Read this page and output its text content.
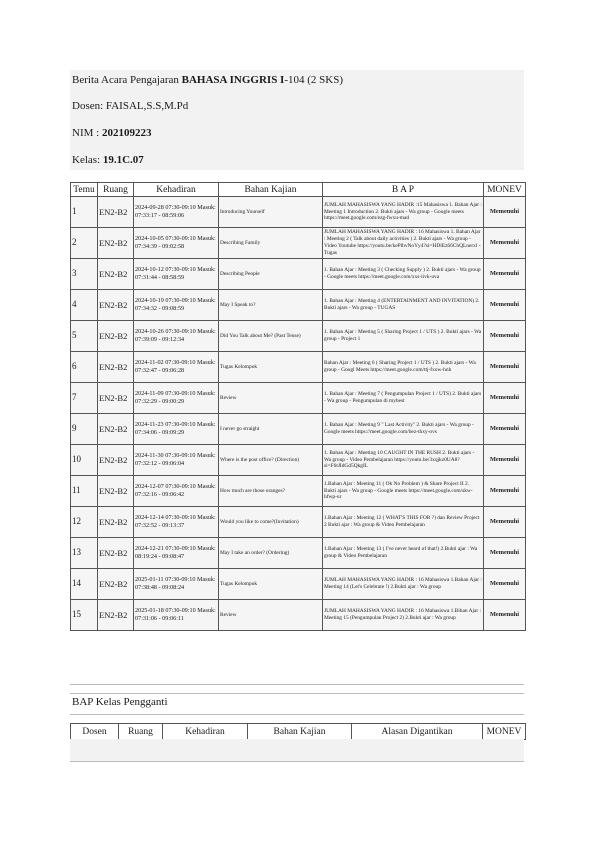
Berita Acara Pengajaran BAHASA INGGRIS I-104 (2 SKS)
Dosen: FAISAL,S.S,M.Pd
NIM : 202109223
Kelas: 19.1C.07
Temu	Ruang	Kehadiran	Bahan Kajian	B A P	MONEV
1	EN2-B2	2024-09-28 07:30-09:10 Masuk: 07:33:17 - 08:59:06	Introducing Yourself	JUMLAH MAHASISWA YANG HADIR :15 Mahasiswa 1. Bahan Ajar : Meeting 1 Introduction 2. Bukti ajars - Wa group - Google meets https://meet.google.com/ezg-fwxu-mad	Memenuhi
2	EN2-B2	2024-10-05 07:30-09:10 Masuk: 07:34:39 - 09:02:58	Describing Family	JUMLAH MAHASISWA YANG HADIR : 16 Mahasiswa 1. Bahan Ajar : Meeting 2 ( Talk about daily activities ) 2. Bukti ajars - Wa group - Video Youtube https://youtu.be/kePlhvNoYy4?si=HDlEz66ChQLnerxl - Tugas	Memenuhi
3	EN2-B2	2024-10-12 07:30-09:10 Masuk: 07:31:44 - 08:58:59	Describing People	1. Bahan Ajar : Meeting 3 ( Checking Supply ) 2. Bukti ajars - Wa group - Google meets https://meet.google.com/xxs-iivk-uva	Memenuhi
4	EN2-B2	2024-10-19 07:30-09:10 Masuk: 07:34:32 - 09:08:59	May I Speak to?	1. Bahan Ajar : Meeting 4 (ENTERTAINMENT AND INVITATION) 2. Bukti ajars - Wa group - TUGAS	Memenuhi
5	EN2-B2	2024-10-26 07:30-09:10 Masuk: 07:39:09 - 09:12:34	Did You Talk about Me? (Past Tense)	1. Bahan Ajar : Meeting 5 ( Sharing Project 1 / UTS ) 2. Bukti ajars - Wa group - Project 1	Memenuhi
6	EN2-B2	2024-11-02 07:30-09:10 Masuk: 07:32:47 - 09:06:28	Tugas Kelompok	Bahan Ajar : Meeting 6 ( Sharing Project 1 / UTS ) 2. Bukti ajars - Wa group - Googl Meets https://meet.google.com/ttj-fxow-hnh	Memenuhi
7	EN2-B2	2024-11-09 07:30-09:10 Masuk: 07:32:29 - 09:00:29	Review	1. Bahan Ajar : Meeting 7 ( Pengumpulan Project 1 / UTS) 2. Bukti ajars - Wa group - Pengumpulan di mybest	Memenuhi
9	EN2-B2	2024-11-23 07:30-09:10 Masuk: 07:34:06 - 09:09:29	I never go straight	1. Bahan Ajar : Meeting 9 " Last Activity" 2. Bukti ajars - Wa group - Google meets https://meet.google.com/bez-thxy-ovs	Memenuhi
10	EN2-B2	2024-11-30 07:30-09:10 Masuk: 07:32:12 - 09:06:04	Where is the post office? (Direction)	1. Bahan Ajar : Meeting 10 CAUGHT IN THE RUSH 2. Bukti ajars - Wa group - Video Pembelajaran https://youtu.be/3xqjkz0UA8?si=F6tJIdGd5QkgIL	Memenuhi
11	EN2-B2	2024-12-07 07:30-09:10 Masuk: 07:32:16 - 09:06:42	How much are those oranges?	1.Bahan Ajar : Meeting 11 ( Ok No Problem ) & Share Project II 2. Bukti ajars - Wa group - Google meets https://meet.google.com/skw-hfwp-ur	Memenuhi
12	EN2-B2	2024-12-14 07:30-09:10 Masuk: 07:32:52 - 09:13:37	Would you like to come?(Invitation)	1.Bahan Ajar : Meeting 12 ( WHAT'S THIS FOR ?) dan Review Project 2 Bukti ajar : Wa group & Video Pembelajaran	Memenuhi
13	EN2-B2	2024-12-21 07:30-09:10 Masuk: 08:19:24 - 09:08:47	May I take an order? (Ordering)	1.Bahan Ajar : Meeting 13 ( I've never heard of that!) 2.Bukti ajar : Wa group & Video Pembelajaran	Memenuhi
14	EN2-B2	2025-01-11 07:30-09:10 Masuk: 07:38:48 - 09:08:24	Tugas Kelompok	JUMLAH MAHASISWA YANG HADIR : 16 Mahasiswa 1.Bahan Ajar : Meeting 14 (Let's Celebrate !) 2.Bukti ajar : Wa group	Memenuhi
15	EN2-B2	2025-01-18 07:30-09:10 Masuk: 07:31:06 - 09:06:11	Review	JUMLAH MAHASISWA YANG HADIR : 16 Mahasiswa 1.Bihan Ajar : Meeting 15 (Pengumpulan Project 2) 2.Bukti ajar : Wa group	Memenuhi
BAP Kelas Pengganti
Dosen	Ruang	Kehadiran	Bahan Kajian	Alasan Digantikan	MONEV
